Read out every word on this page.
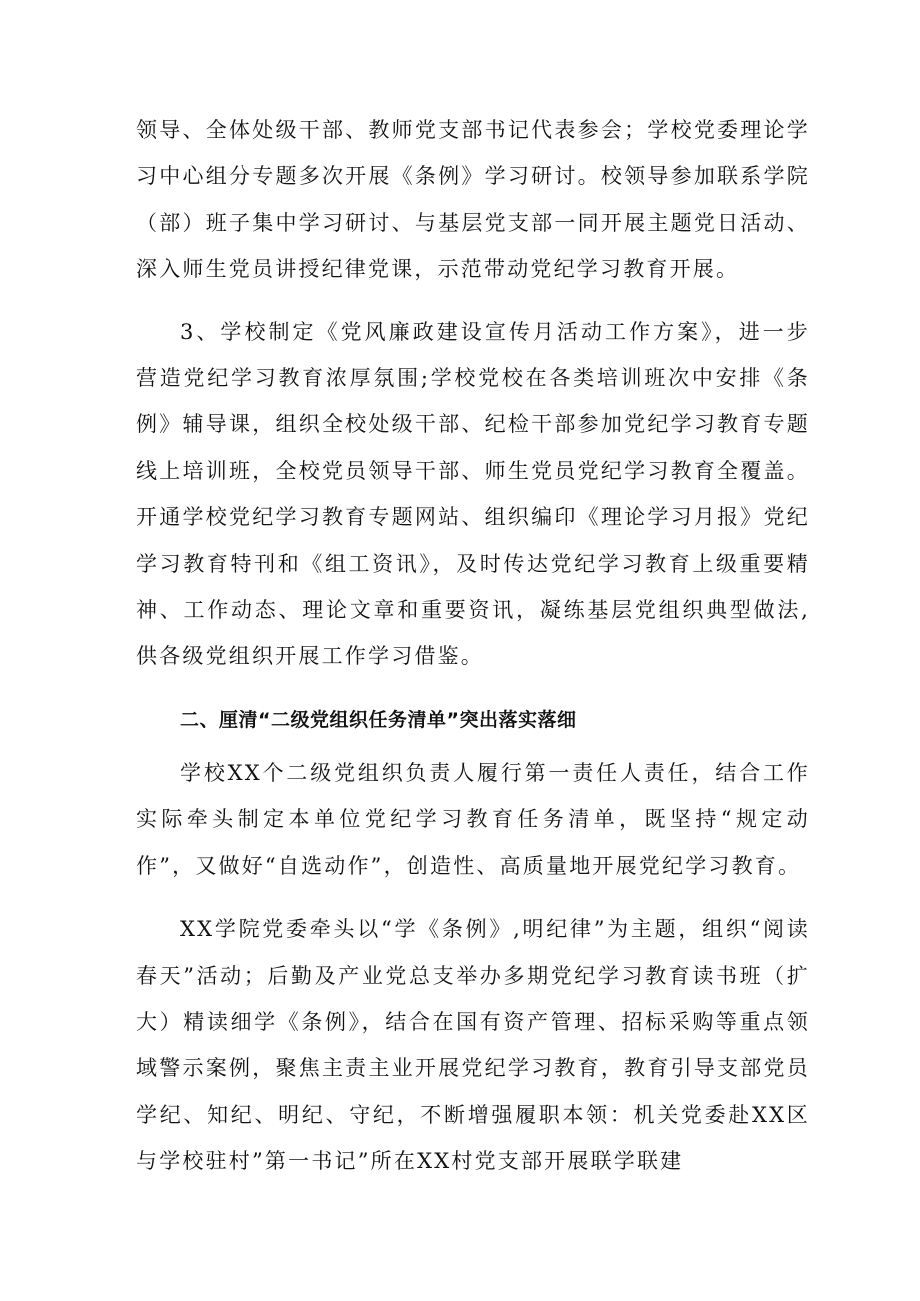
领导、全体处级干部、教师党支部书记代表参会；学校党委理论学习中心组分专题多次开展《条例》学习研讨。校领导参加联系学院（部）班子集中学习研讨、与基层党支部一同开展主题党日活动、深入师生党员讲授纪律党课，示范带动党纪学习教育开展。

3、学校制定《党风廉政建设宣传月活动工作方案》，进一步营造党纪学习教育浓厚氛围;学校党校在各类培训班次中安排《条例》辅导课，组织全校处级干部、纪检干部参加党纪学习教育专题线上培训班，全校党员领导干部、师生党员党纪学习教育全覆盖。开通学校党纪学习教育专题网站、组织编印《理论学习月报》党纪学习教育特刊和《组工资讯》，及时传达党纪学习教育上级重要精神、工作动态、理论文章和重要资讯，凝练基层党组织典型做法,供各级党组织开展工作学习借鉴。

二、厘清“二级党组织任务清单”突出落实落细

学校XX个二级党组织负责人履行第一责任人责任，结合工作实际牵头制定本单位党纪学习教育任务清单，既坚持“规定动作”，又做好“自选动作”，创造性、高质量地开展党纪学习教育。

XX学院党委牵头以“学《条例》,明纪律”为主题，组织“阅读春天”活动；后勤及产业党总支举办多期党纪学习教育读书班（扩大）精读细学《条例》，结合在国有资产管理、招标采购等重点领域警示案例，聚焦主责主业开展党纪学习教育，教育引导支部党员学纪、知纪、明纪、守纪，不断增强履职本领：机关党委赴XX区与学校驻村”第一书记”所在XX村党支部开展联学联建
